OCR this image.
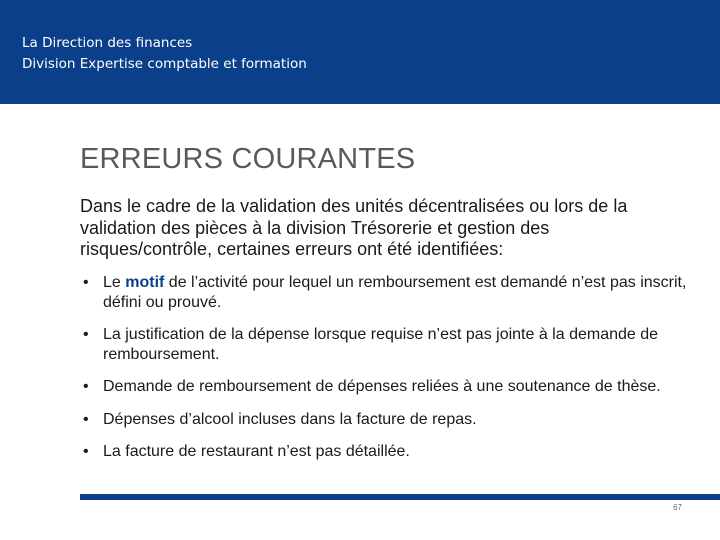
La Direction des finances
Division Expertise comptable et formation
ERREURS COURANTES
Dans le cadre de la validation des unités décentralisées ou lors de la validation des pièces à la division Trésorerie et gestion des risques/contrôle, certaines erreurs ont été identifiées:
• Le motif de l’activité pour lequel un remboursement est demandé n’est pas inscrit, défini ou prouvé.
• La justification de la dépense lorsque requise n’est pas jointe à la demande de remboursement.
• Demande de remboursement de dépenses reliées à une soutenance de thèse.
• Dépenses d’alcool incluses dans la facture de repas.
• La facture de restaurant n’est pas détaillée.
67
